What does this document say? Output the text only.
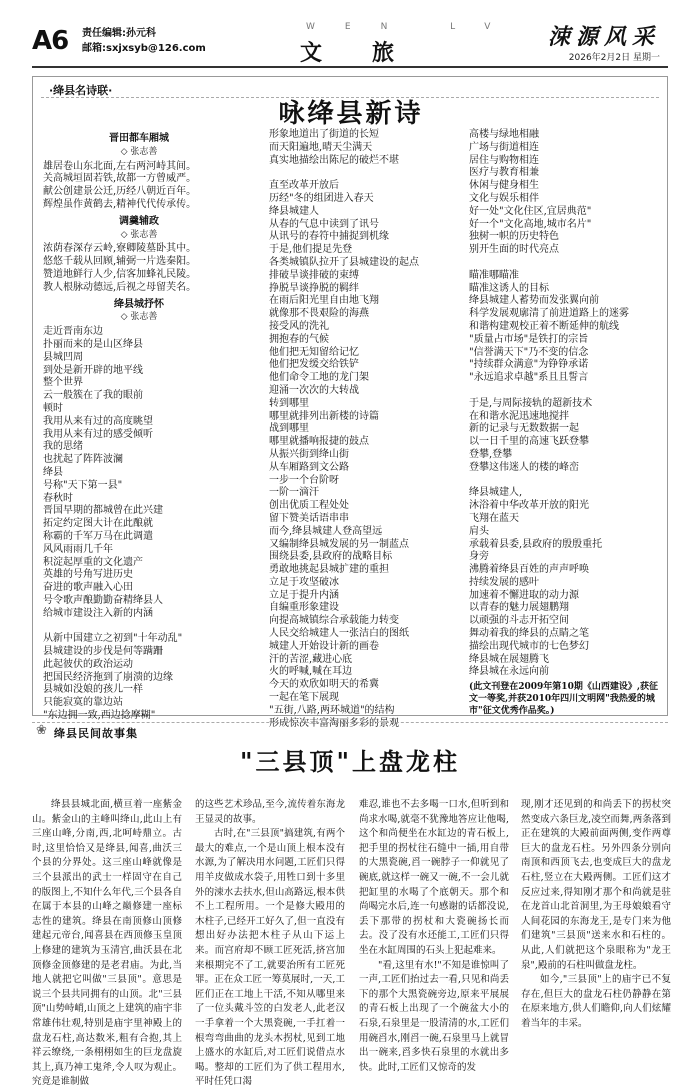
A6 责任编辑:孙元科
邮箱:sxjxsyb@126.com
WEN LV
文旅
涑源风采
2026年2月2日 星期一
·绛县名诗联·
咏绛县新诗
晋田都车厢城
◇ 张志善
雄居卷山东北面,左右两河峙其间。
关高城垣固若铁,故都一方曾威严。
献公创建景公迁,历经八朝近百年。
辉煌虽作黄鹤去,精神代代传承传。
调羹辅政
◇ 张志善
浓荫春深存云岭,寮卿陵墓卧其中。
悠悠千载从回顾,辅弼一片选秦阳。
赞道地鲜行人少,信客加蜂礼民陵。
教人根脉动德远,后视之母留芙名。
绛县城抒怀
◇ 张志善
走近晋南东边
扑丽而来的是山区绛县
县城凹周
到处是新开辟的地平线
整个世界
云一般簇在了我的眼前
顿时
我用从来有过的高度眺望
我用从来有过的感受倾听
我的思绪
也扰起了阵阵波澜
绛县
号称"天下第一县"
春秋时
晋国早期的都城曾在此兴建
拓定约定图大计在此酿就
称霸的千军万马在此调遣
风风雨雨几千年
积淀起厚重的文化遗产
英雄的号角写进历史
奋进的歌声融入心田
号令歌声酿勤勤奋精绛县人
给城市建设注入新的内涵
从新中国建立之初到"十年动乱"
县城建设的步伐是何等蹒跚
此起彼伏的政治运动
把国民经济拖到了崩溃的边缘
县城如没娘的孩儿一样
只能寂寞的靠边站
"东边拥一致,西边捻摩糊"
形象地道出了街道的长短
而天阳遍地,晴天尘满天
真实地描绘出陈尼的破烂不堪
直至改革开放后
历经"冬的组团进入春天
绛县城建人
从春的气息中读到了讯号
从讯号的春符中捕捉到机缘
于是,他们提足先登
各类城镇队拉开了县城建设的起点
排破旱谈排破的束缚
挣脱旱谈挣脱的羁绊
在雨后阳光里自由地飞翔
就像那不畏艰险的海燕
接受风的洗礼
拥抱春的气候
他们把无知留给记忆
他们把发缓交给铁铲
他们命令工地的龙门架
迎涌一次次的大转战
转到哪里
哪里就排列出新楼的诗篇
战到哪里
哪里就播响报捷的鼓点
从振兴街到绛山街
从车厢路到文公路
一步一个台阶呀
一阶一滴汗
创出优质工程处处
留下赞美话语串串
而今,绛县城建人登高望远
又编制绛县城发展的另一制蓝点
围绕县委,县政府的战略目标
勇敢地挑起县城扩建的重担
立足于攻坚破冰
立足于提升内涵
自编重形象建设
向提高城镇综合承载能力转变
人民交给城建人一张洁白的图纸
城建人开始设计新的画卷
汗的苦涩,藏进心底
火的呼喊,喊在耳边
今天的欢欣如明天的希冀
一起在笔下展现
"五街,八路,两环城道"的结构
形成惊次丰富淘丽多彩的景观
高楼与绿地相融
广场与街道相连
居住与购物相连
医疗与教育相兼
休闲与健身相生
文化与娱乐相伴
好一处"文化住区,宜居典范"
好一个"文化高地,城市名片"
独树一帜的历史特色
别开生面的时代亮点
瞄准哪瞄准
瞄准这诱人的目标
绛县城建人蓄势而发张翼向前
科学发展观廓清了前进道路上的迷雾
和谐构建观校正着不断延伸的航线
"质量占市场"是铁打的宗旨
"信誉满天下"乃不变的信念
"持续群众满意"为铮铮承诺
"永远追求卓越"系且且誓言
于是,与周际接轨的超新技术
在和谐水泥迅速地搅拌
新的记录与无数数据一起
以一日千里的高速飞跃登攀
登攀,登攀
登攀这伟迷人的楼的峰峦
绛县城建人,
沐浴着中华改革开放的阳光
飞翔在蓝天
肩头
承载着县委,县政府的殷殷重托
身旁
沸腾着绛县百姓的声声呼唤
持续发展的感叶
加速着不懈进取的动力源
以青春的魅力展翅鹏翔
以顽强的斗志开拓空间
舞动着我的绛县的点睛之笔
描绘出现代城市的七色梦幻
绛县城在展翅腾飞
绛县城在永远向前
(此文刊登在2009年第10期《山西建设》,获征文一等奖,并获2010年四川文明网"我热爱的城市"征文优秀作品奖。)
❀ 绛县民间故事集
"三县顶"上盘龙柱

绛县县城北面,横亘着一座紫金山。紫金山的主峰叫绛山,此山上有三座山峰,分南,西,北呵峙鼎立。古时,这里恰恰又是绛县,闻喜,曲沃三个县的分界处。这三座山峰就像是三个县派出的武士一样固守在自己的版图上,不知什么年代,三个县各自在属于本县的山峰之巅修建一座标志性的建筑。绛县在南顶修山顶修建起元帝台,闻喜县在西顶修玉皇顶上修建的建筑为玉清宫,曲沃县在北顶修金顶修建的是老君庙。为此,当地人就把它叫做"三县顶"。意思是说三个县共同拥有的山顶。北"三县顶"山势峙峭,山顶之上建筑的庙宇非常雄伟壮观,特别是庙宇里神殿上的盘龙石柱,高达数米,粗有合抱,其上祥云缭绕,一条栩栩如生的巨龙盘旋其上,真乃神工鬼斧,令人叹为观止。究竟是谁制做

的这些艺术珍品,至今,流传着东海龙王显灵的故事。

古时,在"三县顶"搞建筑,有两个最大的难点,一个是山顶上根本没有水源,为了解决用水问题,工匠们只得用羊皮做成水袋子,用牲口到十多里外的涑水去扶水,但山高路远,根本供不上工程所用。一个是修大殿用的木柱子,已经开工好久了,但一直没有想出好办法把木柱子从山下运上来。而宫府却不顾工匠死活,挤宫加来根期完不了工,就要治所有工匠死罪。正在众工匠一筹莫展时,一天,工匠们正在工地上干活,不知从哪里来了一位头戴斗笠的白发老人,此老汉一手拿着一个大黑瓷碗,一手扛着一根弯弯曲曲的龙头木拐杖,见到工地上盛水的水缸后,对工匠们说借点水喝。整却的工匠们为了供工程用水,平时任凭口渴

难忍,谁也不去多喝一口水,但听到和尚求水喝,就毫不犹豫地答应让他喝,这个和尚便坐在水缸边的青石板上,把手里的拐杖往石缝中一插,用自带的大黑瓷碗,舀一碗脖子一仰就见了碗底,就这样一碗又一碗,不一会儿就把缸里的水喝了个底朝天。那个和尚喝完水后,连一句感谢的话都没说,丢下那带的拐杖和大瓷碗扬长而去。没了没有水还能工,工匠们只得坐在水缸周围的石头上犯起难来。

"看,这里有水!"不知是谁惊叫了一声,工匠们抬过去一看,只见和尚丢下的那个大黑瓷碗旁边,原来平展展的青石板上出现了一个碗盆大小的石泉,石泉里是一股清清的水,工匠们用碗舀水,刚舀一碗,石泉里马上就冒出一碗来,舀多快石泉里的水就出多快。此时,工匠们又惊奇的发

现,刚才还见到的和尚丢下的拐杖突然变成六条巨龙,凌空而舞,两条落到正在建筑的大殿前面两侧,变作两尊巨大的盘龙石柱。另外四条分别向南顶和西顶飞去,也变成巨大的盘龙石柱,竖立在大殿两侧。工匠们这才反应过来,得知刚才那个和尚就是驻在龙首山北首洞里,为王母娘娘看守人间花园的东海龙王,是专门来为他们建筑"三县顶"送来水和石柱的。从此,人们就把这个泉眼称为"龙王泉",殿前的石柱叫做盘龙柱。

如今,"三县顶"上的庙宇已不复存在,但巨大的盘龙石柱仍静静在第在原来地方,供人们瞻仰,向人们炫耀着当年的丰采。
